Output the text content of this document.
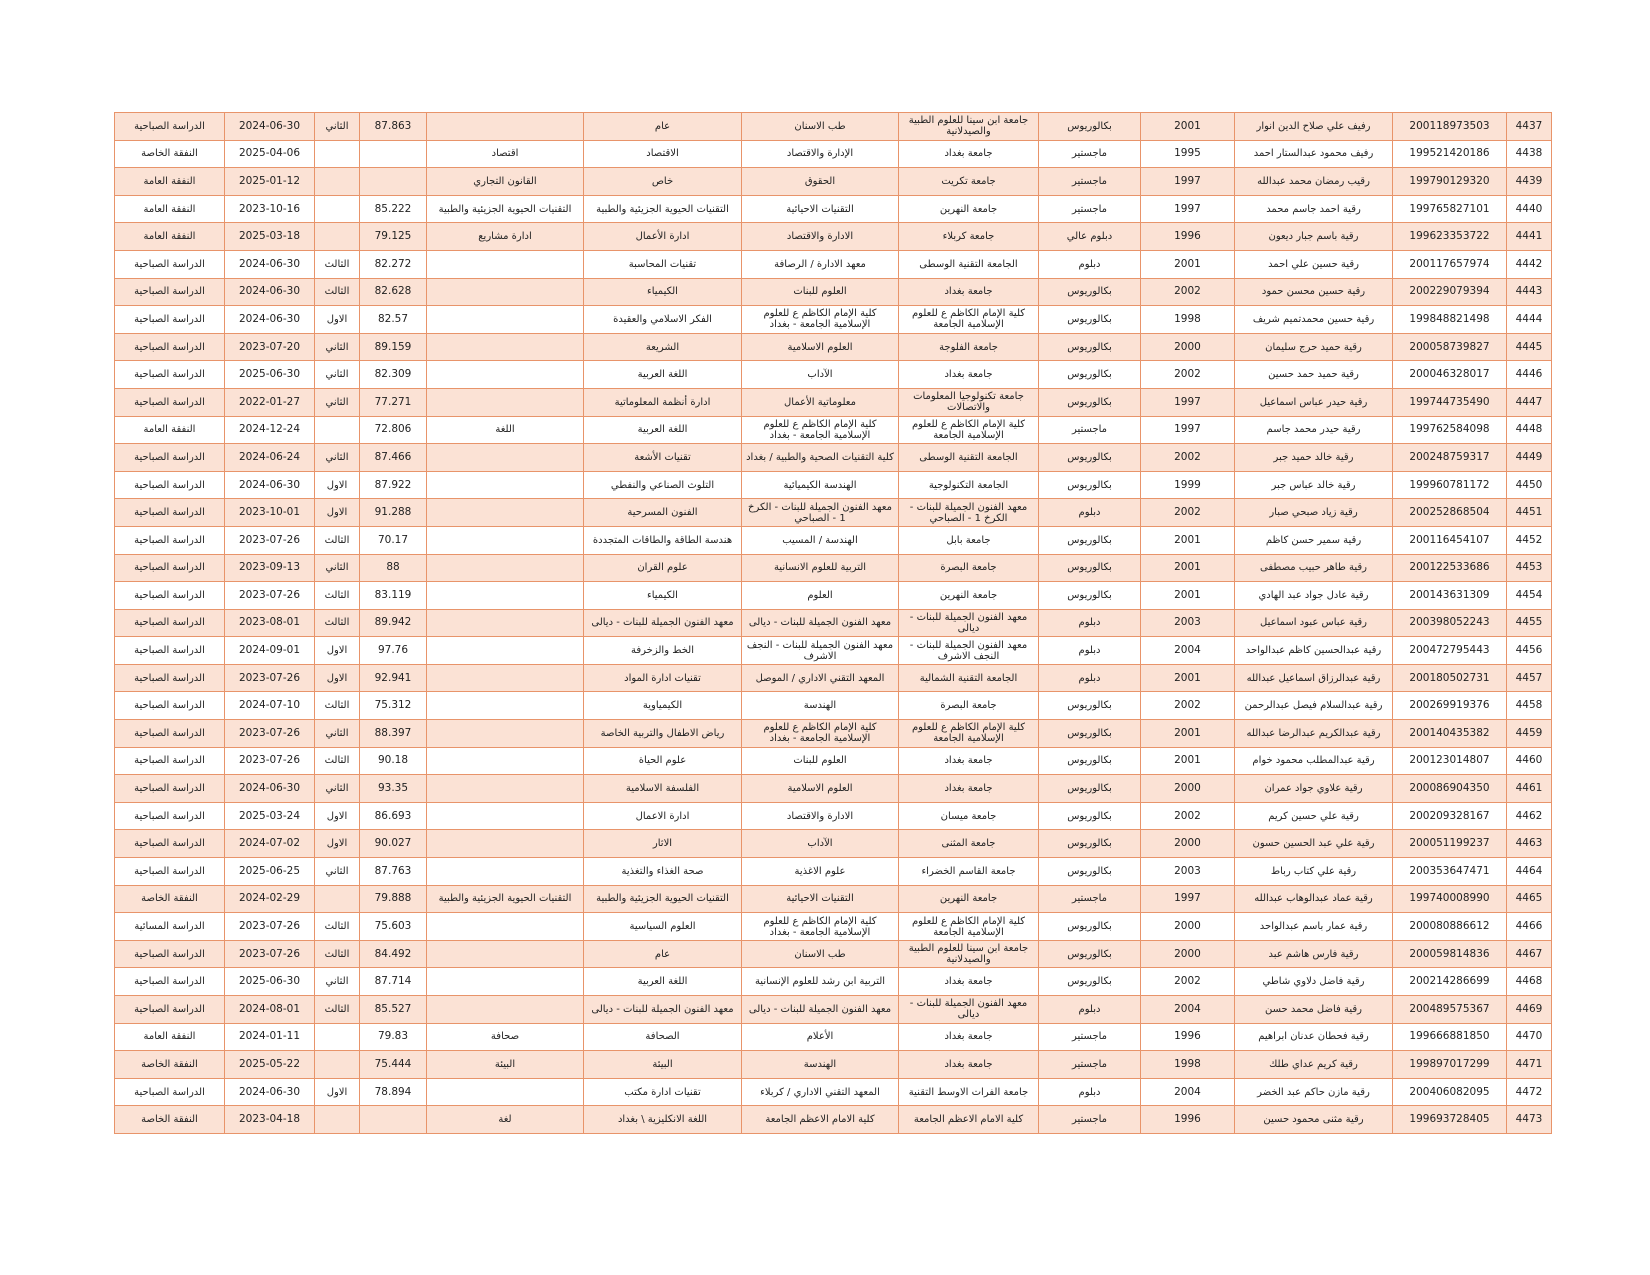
الدراسة الصباحية	2024-06-30	الثاني	87.863		عام	طب الاسنان	جامعة ابن سينا للعلوم الطبية والصيدلانية	بكالوريوس	2001	رفيف علي صلاح الدين انوار	200118973503	4437
النفقة الخاصة	2025-04-06			اقتصاد	الاقتصاد	الإدارة والاقتصاد	جامعة بغداد	ماجستير	1995	رفيف محمود عبدالستار احمد	199521420186	4438
النفقة العامة	2025-01-12			القانون التجاري	خاص	الحقوق	جامعة تكريت	ماجستير	1997	رقيب رمضان محمد عبدالله	199790129320	4439
النفقة العامة	2023-10-16		85.222	التقنيات الحيوية الجزيئية والطبية	التقنيات الحيوية الجزيئية والطبية	التقنيات الاحيائية	جامعة النهرين	ماجستير	1997	رقية احمد جاسم محمد	199765827101	4440
النفقة العامة	2025-03-18		79.125	ادارة مشاريع	ادارة الأعمال	الادارة والاقتصاد	جامعة كربلاء	دبلوم عالي	1996	رقية باسم جبار ديعون	199623353722	4441
الدراسة الصباحية	2024-06-30	الثالث	82.272		تقنيات المحاسبة	معهد الادارة / الرصافة	الجامعة التقنية الوسطى	دبلوم	2001	رقية حسين علي احمد	200117657974	4442
الدراسة الصباحية	2024-06-30	الثالث	82.628		الكيمياء	العلوم للبنات	جامعة بغداد	بكالوريوس	2002	رقية حسين محسن حمود	200229079394	4443
الدراسة الصباحية	2024-06-30	الاول	82.57		الفكر الاسلامي والعقيدة	كلية الإمام الكاظم ع للعلوم الإسلامية الجامعة - بغداد	كلية الإمام الكاظم ع للعلوم الإسلامية الجامعة	بكالوريوس	1998	رقية حسين محمدتميم شريف	199848821498	4444
الدراسة الصباحية	2023-07-20	الثاني	89.159		الشريعة	العلوم الاسلامية	جامعة الفلوجة	بكالوريوس	2000	رقية حميد حرج سليمان	200058739827	4445
الدراسة الصباحية	2025-06-30	الثاني	82.309		اللغة العربية	الآداب	جامعة بغداد	بكالوريوس	2002	رقية حميد حمد حسين	200046328017	4446
الدراسة الصباحية	2022-01-27	الثاني	77.271		ادارة أنظمة المعلوماتية	معلوماتية الأعمال	جامعة تكنولوجيا المعلومات والاتصالات	بكالوريوس	1997	رقية حيدر عباس اسماعيل	199744735490	4447
النفقة العامة	2024-12-24		72.806	اللغة	اللغة العربية	كلية الإمام الكاظم ع للعلوم الإسلامية الجامعة - بغداد	كلية الإمام الكاظم ع للعلوم الإسلامية الجامعة	ماجستير	1997	رقية حيدر محمد جاسم	199762584098	4448
الدراسة الصباحية	2024-06-24	الثاني	87.466		تقنيات الأشعة	كلية التقنيات الصحية والطبية / بغداد	الجامعة التقنية الوسطى	بكالوريوس	2002	رقية خالد حميد جبر	200248759317	4449
الدراسة الصباحية	2024-06-30	الاول	87.922		التلوث الصناعي والنفطي	الهندسة الكيميائية	الجامعة التكنولوجية	بكالوريوس	1999	رقية خالد عباس جبر	199960781172	4450
الدراسة الصباحية	2023-10-01	الاول	91.288		الفنون المسرحية	معهد الفنون الجميلة للبنات - الكرخ 1 - الصباحي	معهد الفنون الجميلة للبنات - الكرخ 1 - الصباحي	دبلوم	2002	رقية زياد صبحي صبار	200252868504	4451
الدراسة الصباحية	2023-07-26	الثالث	70.17		هندسة الطاقة والطاقات المتجددة	الهندسة / المسيب	جامعة بابل	بكالوريوس	2001	رقية سمير حسن كاظم	200116454107	4452
الدراسة الصباحية	2023-09-13	الثاني	88		علوم القران	التربية للعلوم الانسانية	جامعة البصرة	بكالوريوس	2001	رقية طاهر حبيب مصطفى	200122533686	4453
الدراسة الصباحية	2023-07-26	الثالث	83.119		الكيمياء	العلوم	جامعة النهرين	بكالوريوس	2001	رقية عادل جواد عبد الهادي	200143631309	4454
الدراسة الصباحية	2023-08-01	الثالث	89.942		معهد الفنون الجميلة للبنات - ديالى	معهد الفنون الجميلة للبنات - ديالى	معهد الفنون الجميلة للبنات - ديالى	دبلوم	2003	رقية عباس عبود اسماعيل	200398052243	4455
الدراسة الصباحية	2024-09-01	الاول	97.76		الخط والزخرفة	معهد الفنون الجميلة للبنات - النجف الاشرف	معهد الفنون الجميلة للبنات - النجف الاشرف	دبلوم	2004	رقية عبدالحسين كاظم عبدالواحد	200472795443	4456
الدراسة الصباحية	2023-07-26	الاول	92.941		تقنيات ادارة المواد	المعهد التقني الاداري / الموصل	الجامعة التقنية الشمالية	دبلوم	2001	رقية عبدالرزاق اسماعيل عبدالله	200180502731	4457
الدراسة الصباحية	2024-07-10	الثالث	75.312		الكيمياوية	الهندسة	جامعة البصرة	بكالوريوس	2002	رقية عبدالسلام فيصل عبدالرحمن	200269919376	4458
الدراسة الصباحية	2023-07-26	الثاني	88.397		رياض الاطفال والتربية الخاصة	كلية الإمام الكاظم ع للعلوم الإسلامية الجامعة - بغداد	كلية الإمام الكاظم ع للعلوم الإسلامية الجامعة	بكالوريوس	2001	رقية عبدالكريم عبدالرضا عبدالله	200140435382	4459
الدراسة الصباحية	2023-07-26	الثالث	90.18		علوم الحياة	العلوم للبنات	جامعة بغداد	بكالوريوس	2001	رقية عبدالمطلب محمود خوام	200123014807	4460
الدراسة الصباحية	2024-06-30	الثاني	93.35		الفلسفة الاسلامية	العلوم الاسلامية	جامعة بغداد	بكالوريوس	2000	رقية علاوي جواد عمران	200086904350	4461
الدراسة الصباحية	2025-03-24	الاول	86.693		ادارة الاعمال	الادارة والاقتصاد	جامعة ميسان	بكالوريوس	2002	رقية علي حسين كريم	200209328167	4462
الدراسة الصباحية	2024-07-02	الاول	90.027		الاثار	الآداب	جامعة المثنى	بكالوريوس	2000	رقية علي عبد الحسين حسون	200051199237	4463
الدراسة الصباحية	2025-06-25	الثاني	87.763		صحة الغذاء والتغذية	علوم الاغذية	جامعة القاسم الخضراء	بكالوريوس	2003	رقية علي كتاب رباط	200353647471	4464
النفقة الخاصة	2024-02-29		79.888	التقنيات الحيوية الجزيئية والطبية	التقنيات الحيوية الجزيئية والطبية	التقنيات الاحيائية	جامعة النهرين	ماجستير	1997	رقية عماد عبدالوهاب عبدالله	199740008990	4465
الدراسة المسائية	2023-07-26	الثالث	75.603		العلوم السياسية	كلية الإمام الكاظم ع للعلوم الإسلامية الجامعة - بغداد	كلية الإمام الكاظم ع للعلوم الإسلامية الجامعة	بكالوريوس	2000	رقية عمار باسم عبدالواحد	200080886612	4466
الدراسة الصباحية	2023-07-26	الثالث	84.492		عام	طب الاسنان	جامعة ابن سينا للعلوم الطبية والصيدلانية	بكالوريوس	2000	رقية فارس هاشم عبد	200059814836	4467
الدراسة الصباحية	2025-06-30	الثاني	87.714		اللغة العربية	التربية ابن رشد للعلوم الإنسانية	جامعة بغداد	بكالوريوس	2002	رقية فاضل دلاوي شاطي	200214286699	4468
الدراسة الصباحية	2024-08-01	الثالث	85.527		معهد الفنون الجميلة للبنات - ديالى	معهد الفنون الجميلة للبنات - ديالى	معهد الفنون الجميلة للبنات - ديالى	دبلوم	2004	رقية فاضل محمد حسن	200489575367	4469
النفقة العامة	2024-01-11		79.83	صحافة	الصحافة	الأعلام	جامعة بغداد	ماجستير	1996	رقية فحطان عدنان ابراهيم	199666881850	4470
النفقة الخاصة	2025-05-22		75.444	البيئة	البيئة	الهندسة	جامعة بغداد	ماجستير	1998	رقية كريم عداي طلك	199897017299	4471
الدراسة الصباحية	2024-06-30	الاول	78.894		تقنيات ادارة مكتب	المعهد التقني الاداري / كربلاء	جامعة الفرات الاوسط التقنية	دبلوم	2004	رقية مازن حاكم عبد الخضر	200406082095	4472
النفقة الخاصة	2023-04-18			لغة	اللغة الانكليزية \ بغداد	كلية الامام الاعظم الجامعة	كلية الامام الاعظم الجامعة	ماجستير	1996	رقية مثنى محمود حسين	199693728405	4473
